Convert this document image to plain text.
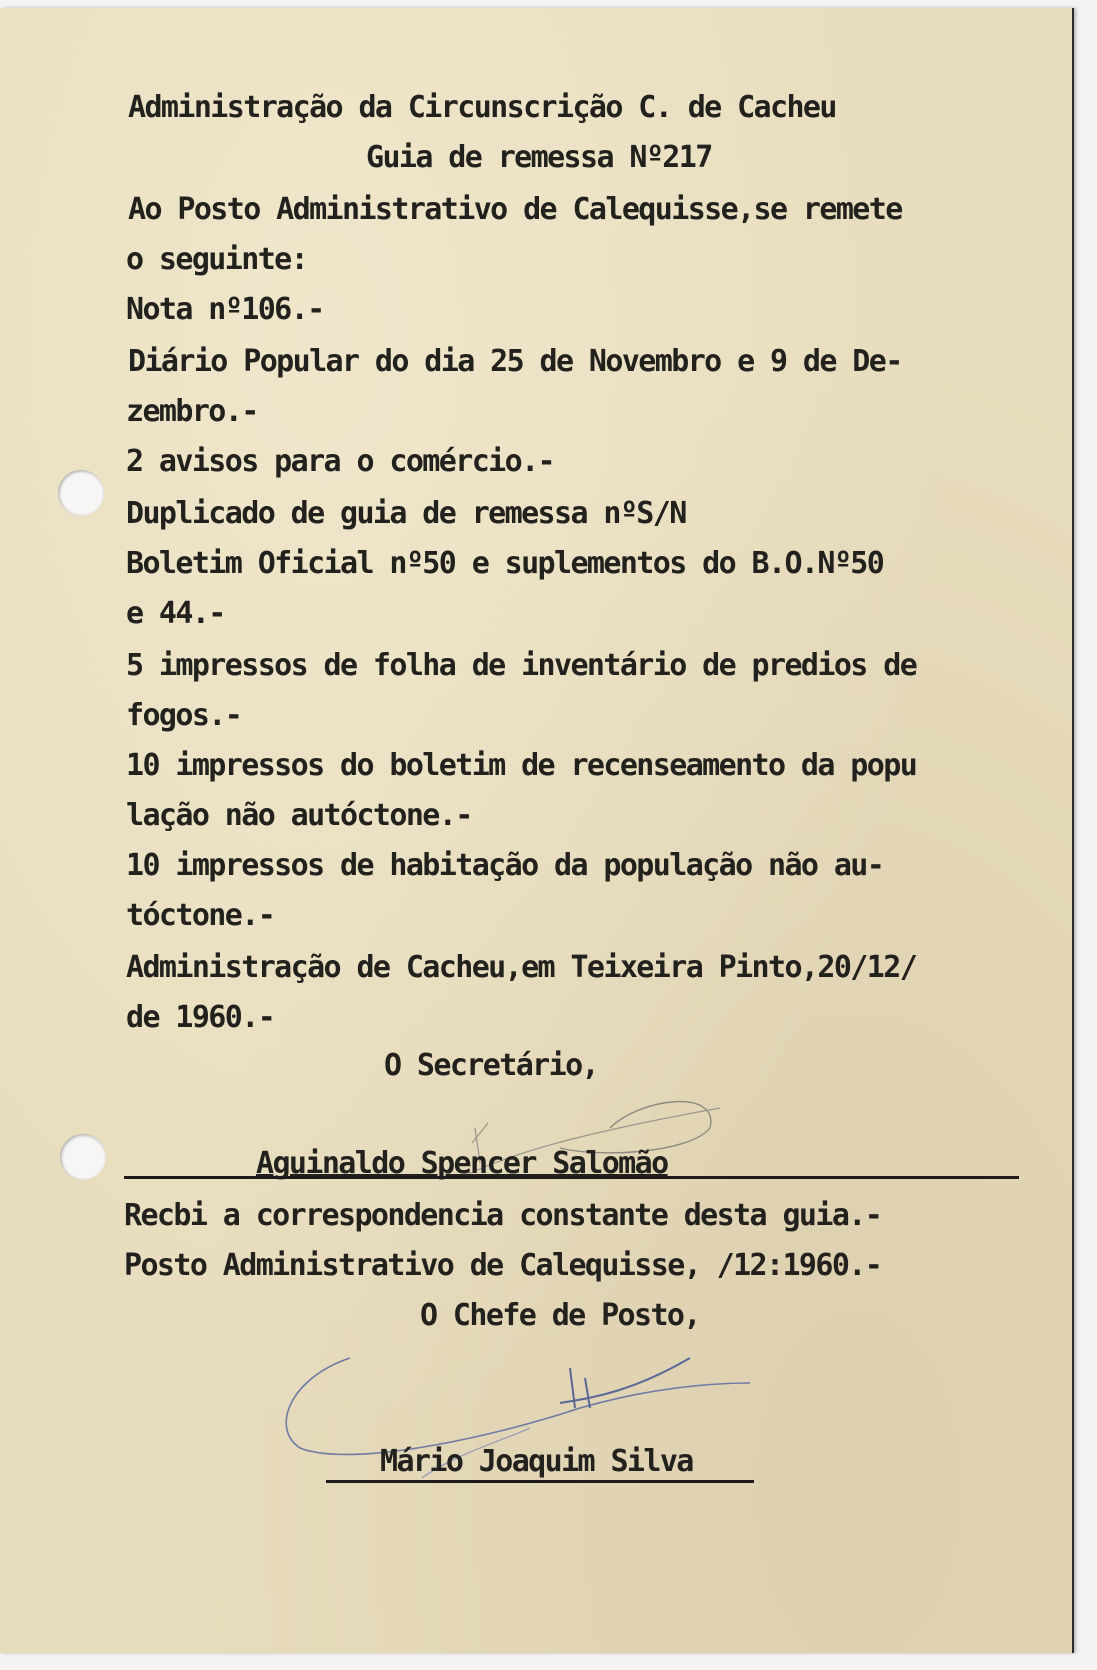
Administração da Circunscrição C. de Cacheu
Guia de remessa Nº217
Ao Posto Administrativo de Calequisse,se remete
o seguinte:
Nota nº106.-
Diário Popular do dia 25 de Novembro e 9 de De-
zembro.-
2 avisos para o comércio.-
Duplicado de guia de remessa nºS/N
Boletim Oficial nº50 e suplementos do B.O.Nº50
e 44.-
5 impressos de folha de inventário de predios de
fogos.-
10 impressos do boletim de recenseamento da popu
lação não autóctone.-
10 impressos de habitação da população não au-
tóctone.-
Administração de Cacheu,em Teixeira Pinto,20/12/
de 1960.-
O Secretário,
Aguinaldo Spencer Salomão
Recbi a correspondencia constante desta guia.-
Posto Administrativo de Calequisse, /12:1960.-
O Chefe de Posto,
Mário Joaquim Silva
